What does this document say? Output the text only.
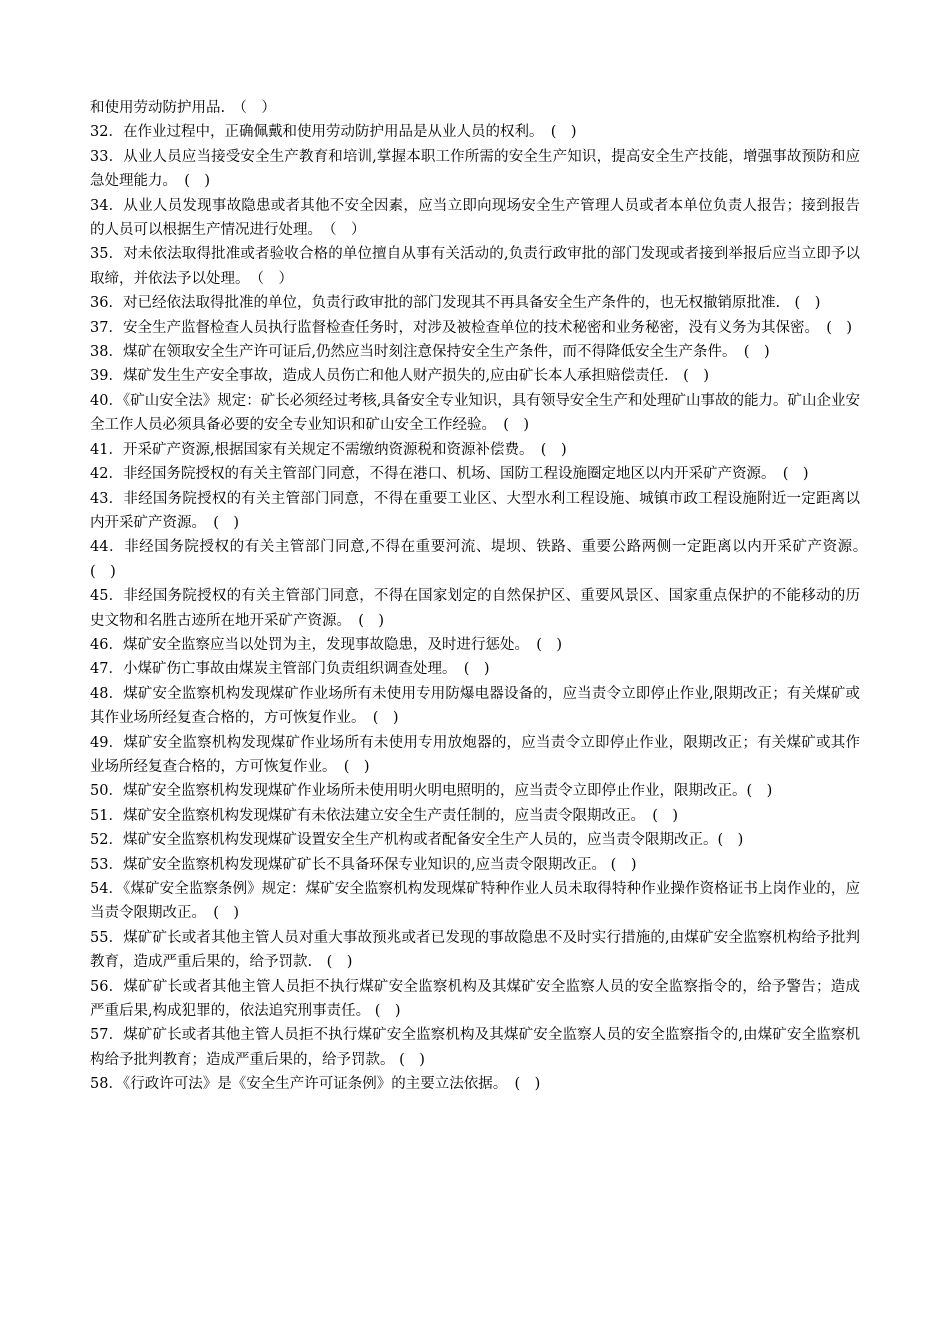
和使用劳动防护用品.　（　）

32．在作业过程中，正确佩戴和使用劳动防护用品是从业人员的权利。　(　)

33．从业人员应当接受安全生产教育和培训,掌握本职工作所需的安全生产知识，提高安全生产技能，增强事故预防和应急处理能力。　(　)

34．从业人员发现事故隐患或者其他不安全因素，应当立即向现场安全生产管理人员或者本单位负责人报告；接到报告的人员可以根据生产情况进行处理。　（　）

35．对未依法取得批准或者验收合格的单位擅自从事有关活动的,负责行政审批的部门发现或者接到举报后应当立即予以取缔，并依法予以处理。　（　）

36．对已经依法取得批准的单位，负责行政审批的部门发现其不再具备安全生产条件的，也无权撤销原批准.　(　)

37．安全生产监督检查人员执行监督检查任务时，对涉及被检查单位的技术秘密和业务秘密，没有义务为其保密。　(　)

38．煤矿在领取安全生产许可证后,仍然应当时刻注意保持安全生产条件，而不得降低安全生产条件。　(　)

39．煤矿发生生产安全事故，造成人员伤亡和他人财产损失的,应由矿长本人承担赔偿责任.　(　)

40．《矿山安全法》规定：矿长必须经过考核,具备安全专业知识，具有领导安全生产和处理矿山事故的能力。矿山企业安全工作人员必须具备必要的安全专业知识和矿山安全工作经验。　(　)

41．开采矿产资源,根据国家有关规定不需缴纳资源税和资源补偿费。　(　)

42．非经国务院授权的有关主管部门同意，不得在港口、机场、国防工程设施圈定地区以内开采矿产资源。　(　)

43．非经国务院授权的有关主管部门同意，不得在重要工业区、大型水利工程设施、城镇市政工程设施附近一定距离以内开采矿产资源。　(　)

44．非经国务院授权的有关主管部门同意,不得在重要河流、堤坝、铁路、重要公路两侧一定距离以内开采矿产资源。　(　)

45．非经国务院授权的有关主管部门同意，不得在国家划定的自然保护区、重要风景区、国家重点保护的不能移动的历史文物和名胜古迹所在地开采矿产资源。　(　)

46．煤矿安全监察应当以处罚为主，发现事故隐患，及时进行惩处。　(　)

47．小煤矿伤亡事故由煤炭主管部门负责组织调查处理。　(　)

48．煤矿安全监察机构发现煤矿作业场所有未使用专用防爆电器设备的，应当责令立即停止作业,限期改正；有关煤矿或其作业场所经复查合格的，方可恢复作业。　(　)

49．煤矿安全监察机构发现煤矿作业场所有未使用专用放炮器的，应当责令立即停止作业，限期改正；有关煤矿或其作业场所经复查合格的，方可恢复作业。　(　)

50．煤矿安全监察机构发现煤矿作业场所未使用明火明电照明的，应当责令立即停止作业，限期改正。(　)

51．煤矿安全监察机构发现煤矿有未依法建立安全生产责任制的，应当责令限期改正。　(　)

52．煤矿安全监察机构发现煤矿设置安全生产机构或者配备安全生产人员的，应当责令限期改正。(　)

53．煤矿安全监察机构发现煤矿矿长不具备环保专业知识的,应当责令限期改正。 (　)

54．《煤矿安全监察条例》规定：煤矿安全监察机构发现煤矿特种作业人员未取得特种作业操作资格证书上岗作业的，应当责令限期改正。　(　)

55．煤矿矿长或者其他主管人员对重大事故预兆或者已发现的事故隐患不及时实行措施的,由煤矿安全监察机构给予批判教育，造成严重后果的，给予罚款.　(　)

56．煤矿矿长或者其他主管人员拒不执行煤矿安全监察机构及其煤矿安全监察人员的安全监察指令的，给予警告；造成严重后果,构成犯罪的，依法追究刑事责任。 (　)

57．煤矿矿长或者其他主管人员拒不执行煤矿安全监察机构及其煤矿安全监察人员的安全监察指令的,由煤矿安全监察机构给予批判教育；造成严重后果的，给予罚款。 (　)

58．《行政许可法》是《安全生产许可证条例》的主要立法依据。　(　)
